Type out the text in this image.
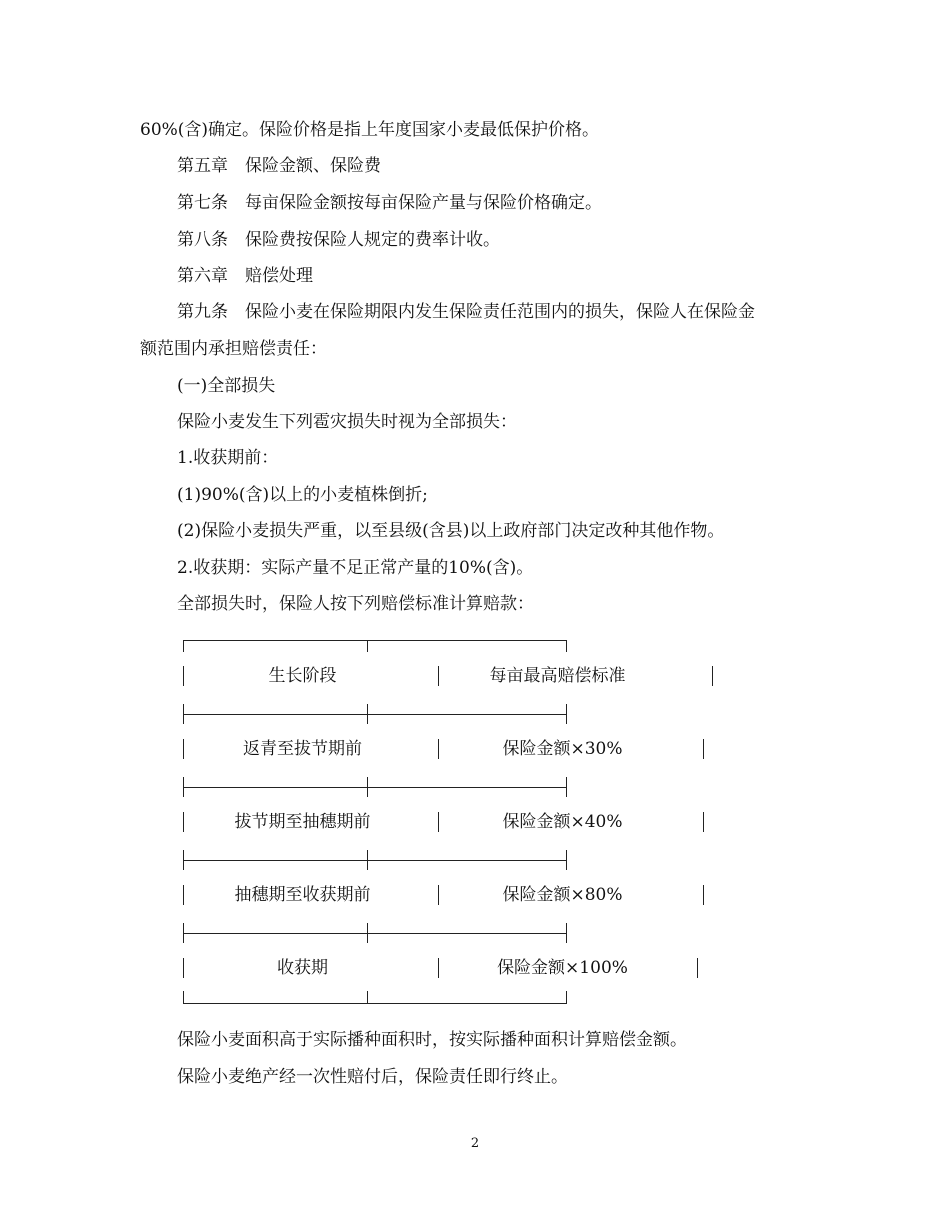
60%(含)确定。保险价格是指上年度国家小麦最低保护价格。
第五章　保险金额、保险费
第七条　每亩保险金额按每亩保险产量与保险价格确定。
第八条　保险费按保险人规定的费率计收。
第六章　赔偿处理
第九条　保险小麦在保险期限内发生保险责任范围内的损失，保险人在保险金
额范围内承担赔偿责任：
(一)全部损失
保险小麦发生下列雹灾损失时视为全部损失：
1.收获期前：
(1)90%(含)以上的小麦植株倒折;
(2)保险小麦损失严重，以至县级(含县)以上政府部门决定改种其他作物。
2.收获期：实际产量不足正常产量的10%(含)。
全部损失时，保险人按下列赔偿标准计算赔款：
生长阶段	每亩最高赔偿标准
返青至拔节期前	保险金额×30%
拔节期至抽穗期前	保险金额×40%
抽穗期至收获期前	保险金额×80%
收获期	保险金额×100%
保险小麦面积高于实际播种面积时，按实际播种面积计算赔偿金额。
保险小麦绝产经一次性赔付后，保险责任即行终止。
2
